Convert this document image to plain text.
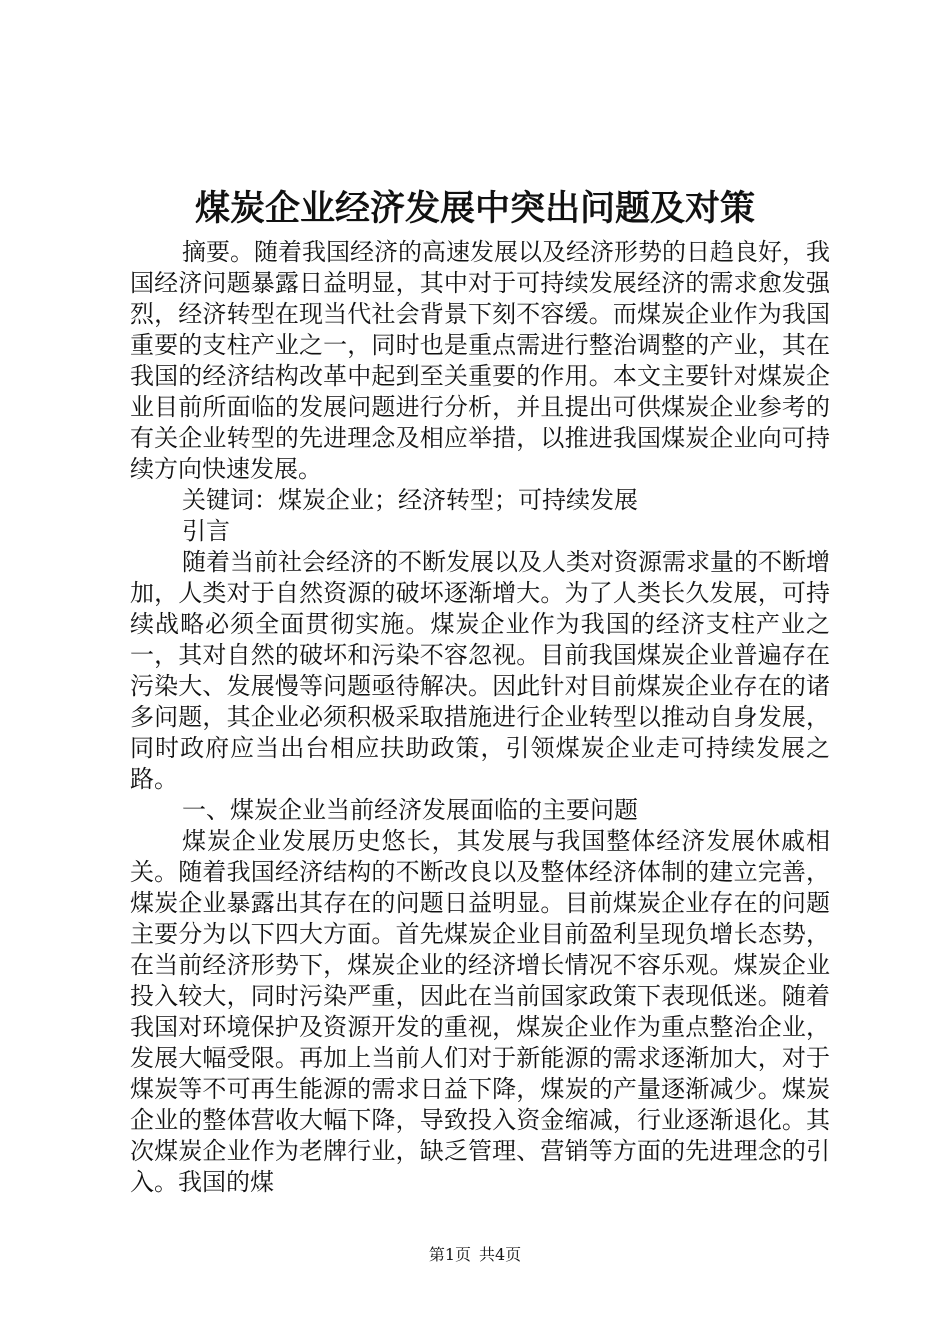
煤炭企业经济发展中突出问题及对策

摘要。随着我国经济的高速发展以及经济形势的日趋良好，我国经济问题暴露日益明显，其中对于可持续发展经济的需求愈发强烈，经济转型在现当代社会背景下刻不容缓。而煤炭企业作为我国重要的支柱产业之一，同时也是重点需进行整治调整的产业，其在我国的经济结构改革中起到至关重要的作用。本文主要针对煤炭企业目前所面临的发展问题进行分析，并且提出可供煤炭企业参考的有关企业转型的先进理念及相应举措，以推进我国煤炭企业向可持续方向快速发展。

关键词：煤炭企业；经济转型；可持续发展

引言

随着当前社会经济的不断发展以及人类对资源需求量的不断增加，人类对于自然资源的破坏逐渐增大。为了人类长久发展，可持续战略必须全面贯彻实施。煤炭企业作为我国的经济支柱产业之一，其对自然的破坏和污染不容忽视。目前我国煤炭企业普遍存在污染大、发展慢等问题亟待解决。因此针对目前煤炭企业存在的诸多问题，其企业必须积极采取措施进行企业转型以推动自身发展，同时政府应当出台相应扶助政策，引领煤炭企业走可持续发展之路。

一、煤炭企业当前经济发展面临的主要问题

煤炭企业发展历史悠长，其发展与我国整体经济发展休戚相关。随着我国经济结构的不断改良以及整体经济体制的建立完善，煤炭企业暴露出其存在的问题日益明显。目前煤炭企业存在的问题主要分为以下四大方面。首先煤炭企业目前盈利呈现负增长态势，在当前经济形势下，煤炭企业的经济增长情况不容乐观。煤炭企业投入较大，同时污染严重，因此在当前国家政策下表现低迷。随着我国对环境保护及资源开发的重视，煤炭企业作为重点整治企业，发展大幅受限。再加上当前人们对于新能源的需求逐渐加大，对于煤炭等不可再生能源的需求日益下降，煤炭的产量逐渐减少。煤炭企业的整体营收大幅下降，导致投入资金缩减，行业逐渐退化。其次煤炭企业作为老牌行业，缺乏管理、营销等方面的先进理念的引入。我国的煤

第1页 共4页
